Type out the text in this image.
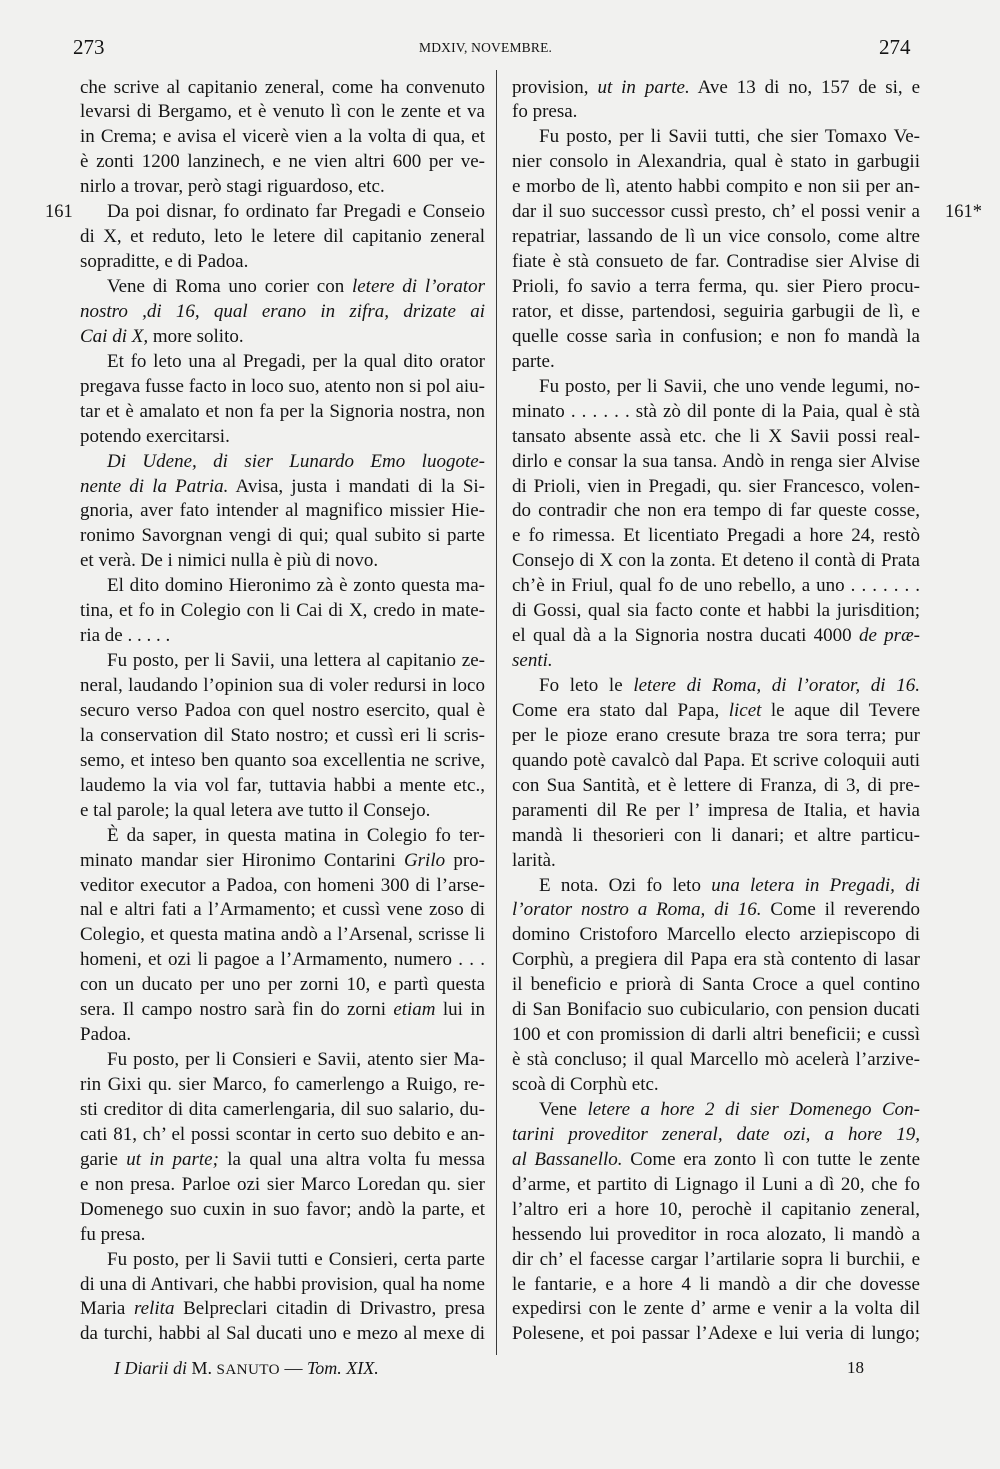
273	MDXIV, NOVEMBRE.	274
che scrive al capitanio zeneral, come ha convenuto
levarsi di Bergamo, et è venuto lì con le zente et va
in Crema; e avisa el vicerè vien a la volta di qua, et
è zonti 1200 lanzinech, e ne vien altri 600 per ve-
nirlo a trovar, però stagi riguardoso, etc.
Da poi disnar, fo ordinato far Pregadi e Conseio
161
di X, et reduto, leto le letere dil capitanio zeneral
sopraditte, e di Padoa.
Vene di Roma uno corier con letere di l’orator
nostro ,di 16, qual erano in zifra, drizate ai
Cai di X, more solito.
Et fo leto una al Pregadi, per la qual dito orator
pregava fusse facto in loco suo, atento non si pol aiu-
tar et è amalato et non fa per la Signoria nostra, non
potendo exercitarsi.
Di Udene, di sier Lunardo Emo luogote-
nente di la Patria. Avisa, justa i mandati di la Si-
gnoria, aver fato intender al magnifico missier Hie-
ronimo Savorgnan vengi di qui; qual subito si parte
et verà. De i nimici nulla è più di novo.
El dito domino Hieronimo zà è zonto questa ma-
tina, et fo in Colegio con li Cai di X, credo in mate-
ria de . . . . .
Fu posto, per li Savii, una lettera al capitanio ze-
neral, laudando l’opinion sua di voler redursi in loco
securo verso Padoa con quel nostro esercito, qual è
la conservation dil Stato nostro; et cussì eri li scris-
semo, et inteso ben quanto soa excellentia ne scrive,
laudemo la via vol far, tuttavia habbi a mente etc.,
e tal parole; la qual letera ave tutto il Consejo.
È da saper, in questa matina in Colegio fo ter-
minato mandar sier Hironimo Contarini Grilo pro-
veditor executor a Padoa, con homeni 300 di l’arse-
nal e altri fati a l’Armamento; et cussì vene zoso di
Colegio, et questa matina andò a l’Arsenal, scrisse li
homeni, et ozi li pagoe a l’Armamento, numero . . .
con un ducato per uno per zorni 10, e partì questa
sera. Il campo nostro sarà fin do zorni etiam lui in
Padoa.
Fu posto, per li Consieri e Savii, atento sier Ma-
rin Gixi qu. sier Marco, fo camerlengo a Ruigo, re-
sti creditor di dita camerlengaria, dil suo salario, du-
cati 81, ch’ el possi scontar in certo suo debito e an-
garie ut in parte; la qual una altra volta fu messa
e non presa. Parloe ozi sier Marco Loredan qu. sier
Domenego suo cuxin in suo favor; andò la parte, et
fu presa.
Fu posto, per li Savii tutti e Consieri, certa parte
di una di Antivari, che habbi provision, qual ha nome
Maria relita Belpreclari citadin di Drivastro, presa
da turchi, habbi al Sal ducati uno e mezo al mexe di
provision, ut in parte. Ave 13 di no, 157 de si, e
fo presa.
Fu posto, per li Savii tutti, che sier Tomaxo Ve-
nier consolo in Alexandria, qual è stato in garbugii
e morbo de lì, atento habbi compito e non sii per an-
dar il suo successor cussì presto, ch’ el possi venir a 161*
repatriar, lassando de lì un vice consolo, come altre
fiate è stà consueto de far. Contradise sier Alvise di
Prioli, fo savio a terra ferma, qu. sier Piero procu-
rator, et disse, partendosi, seguiria garbugii de lì, e
quelle cosse sarìa in confusion; e non fo mandà la
parte.
Fu posto, per li Savii, che uno vende legumi, no-
minato . . . . . . stà zò dil ponte di la Paia, qual è stà
tansato absente assà etc. che li X Savii possi real-
dirlo e consar la sua tansa. Andò in renga sier Alvise
di Prioli, vien in Pregadi, qu. sier Francesco, volen-
do contradir che non era tempo di far queste cosse,
e fo rimessa. Et licentiato Pregadi a hore 24, restò
Consejo di X con la zonta. Et deteno il contà di Prata
ch’è in Friul, qual fo de uno rebello, a uno . . . . . . .
di Gossi, qual sia facto conte et habbi la jurisdition;
el qual dà a la Signoria nostra ducati 4000 de præ-
senti.
Fo leto le letere di Roma, di l’orator, di 16.
Come era stato dal Papa, licet le aque dil Tevere
per le pioze erano cresute braza tre sora terra; pur
quando potè cavalcò dal Papa. Et scrive coloquii auti
con Sua Santità, et è lettere di Franza, di 3, di pre-
paramenti dil Re per l’ impresa de Italia, et havia
mandà li thesorieri con li danari; et altre particu-
larità.
E nota. Ozi fo leto una letera in Pregadi, di
l’orator nostro a Roma, di 16. Come il reverendo
domino Cristoforo Marcello electo arziepiscopo di
Corphù, a pregiera dil Papa era stà contento di lasar
il beneficio e priorà di Santa Croce a quel contino
di San Bonifacio suo cubiculario, con pension ducati
100 et con promission di darli altri beneficii; e cussì
è stà concluso; il qual Marcello mò acelerà l’arzive-
scoà di Corphù etc.
Vene letere a hore 2 di sier Domenego Con-
tarini proveditor zeneral, date ozi, a hore 19,
al Bassanello. Come era zonto lì con tutte le zente
d’arme, et partito di Lignago il Luni a dì 20, che fo
l’altro eri a hore 10, perochè il capitanio zeneral,
hessendo lui proveditor in roca alozato, li mandò a
dir ch’ el facesse cargar l’artilarie sopra li burchii, e
le fantarie, e a hore 4 li mandò a dir che dovesse
expedirsi con le zente d’ arme e venir a la volta dil
Polesene, et poi passar l’Adexe e lui veria di lungo;
I Diarii di M. SANUTO — Tom. XIX.	18
